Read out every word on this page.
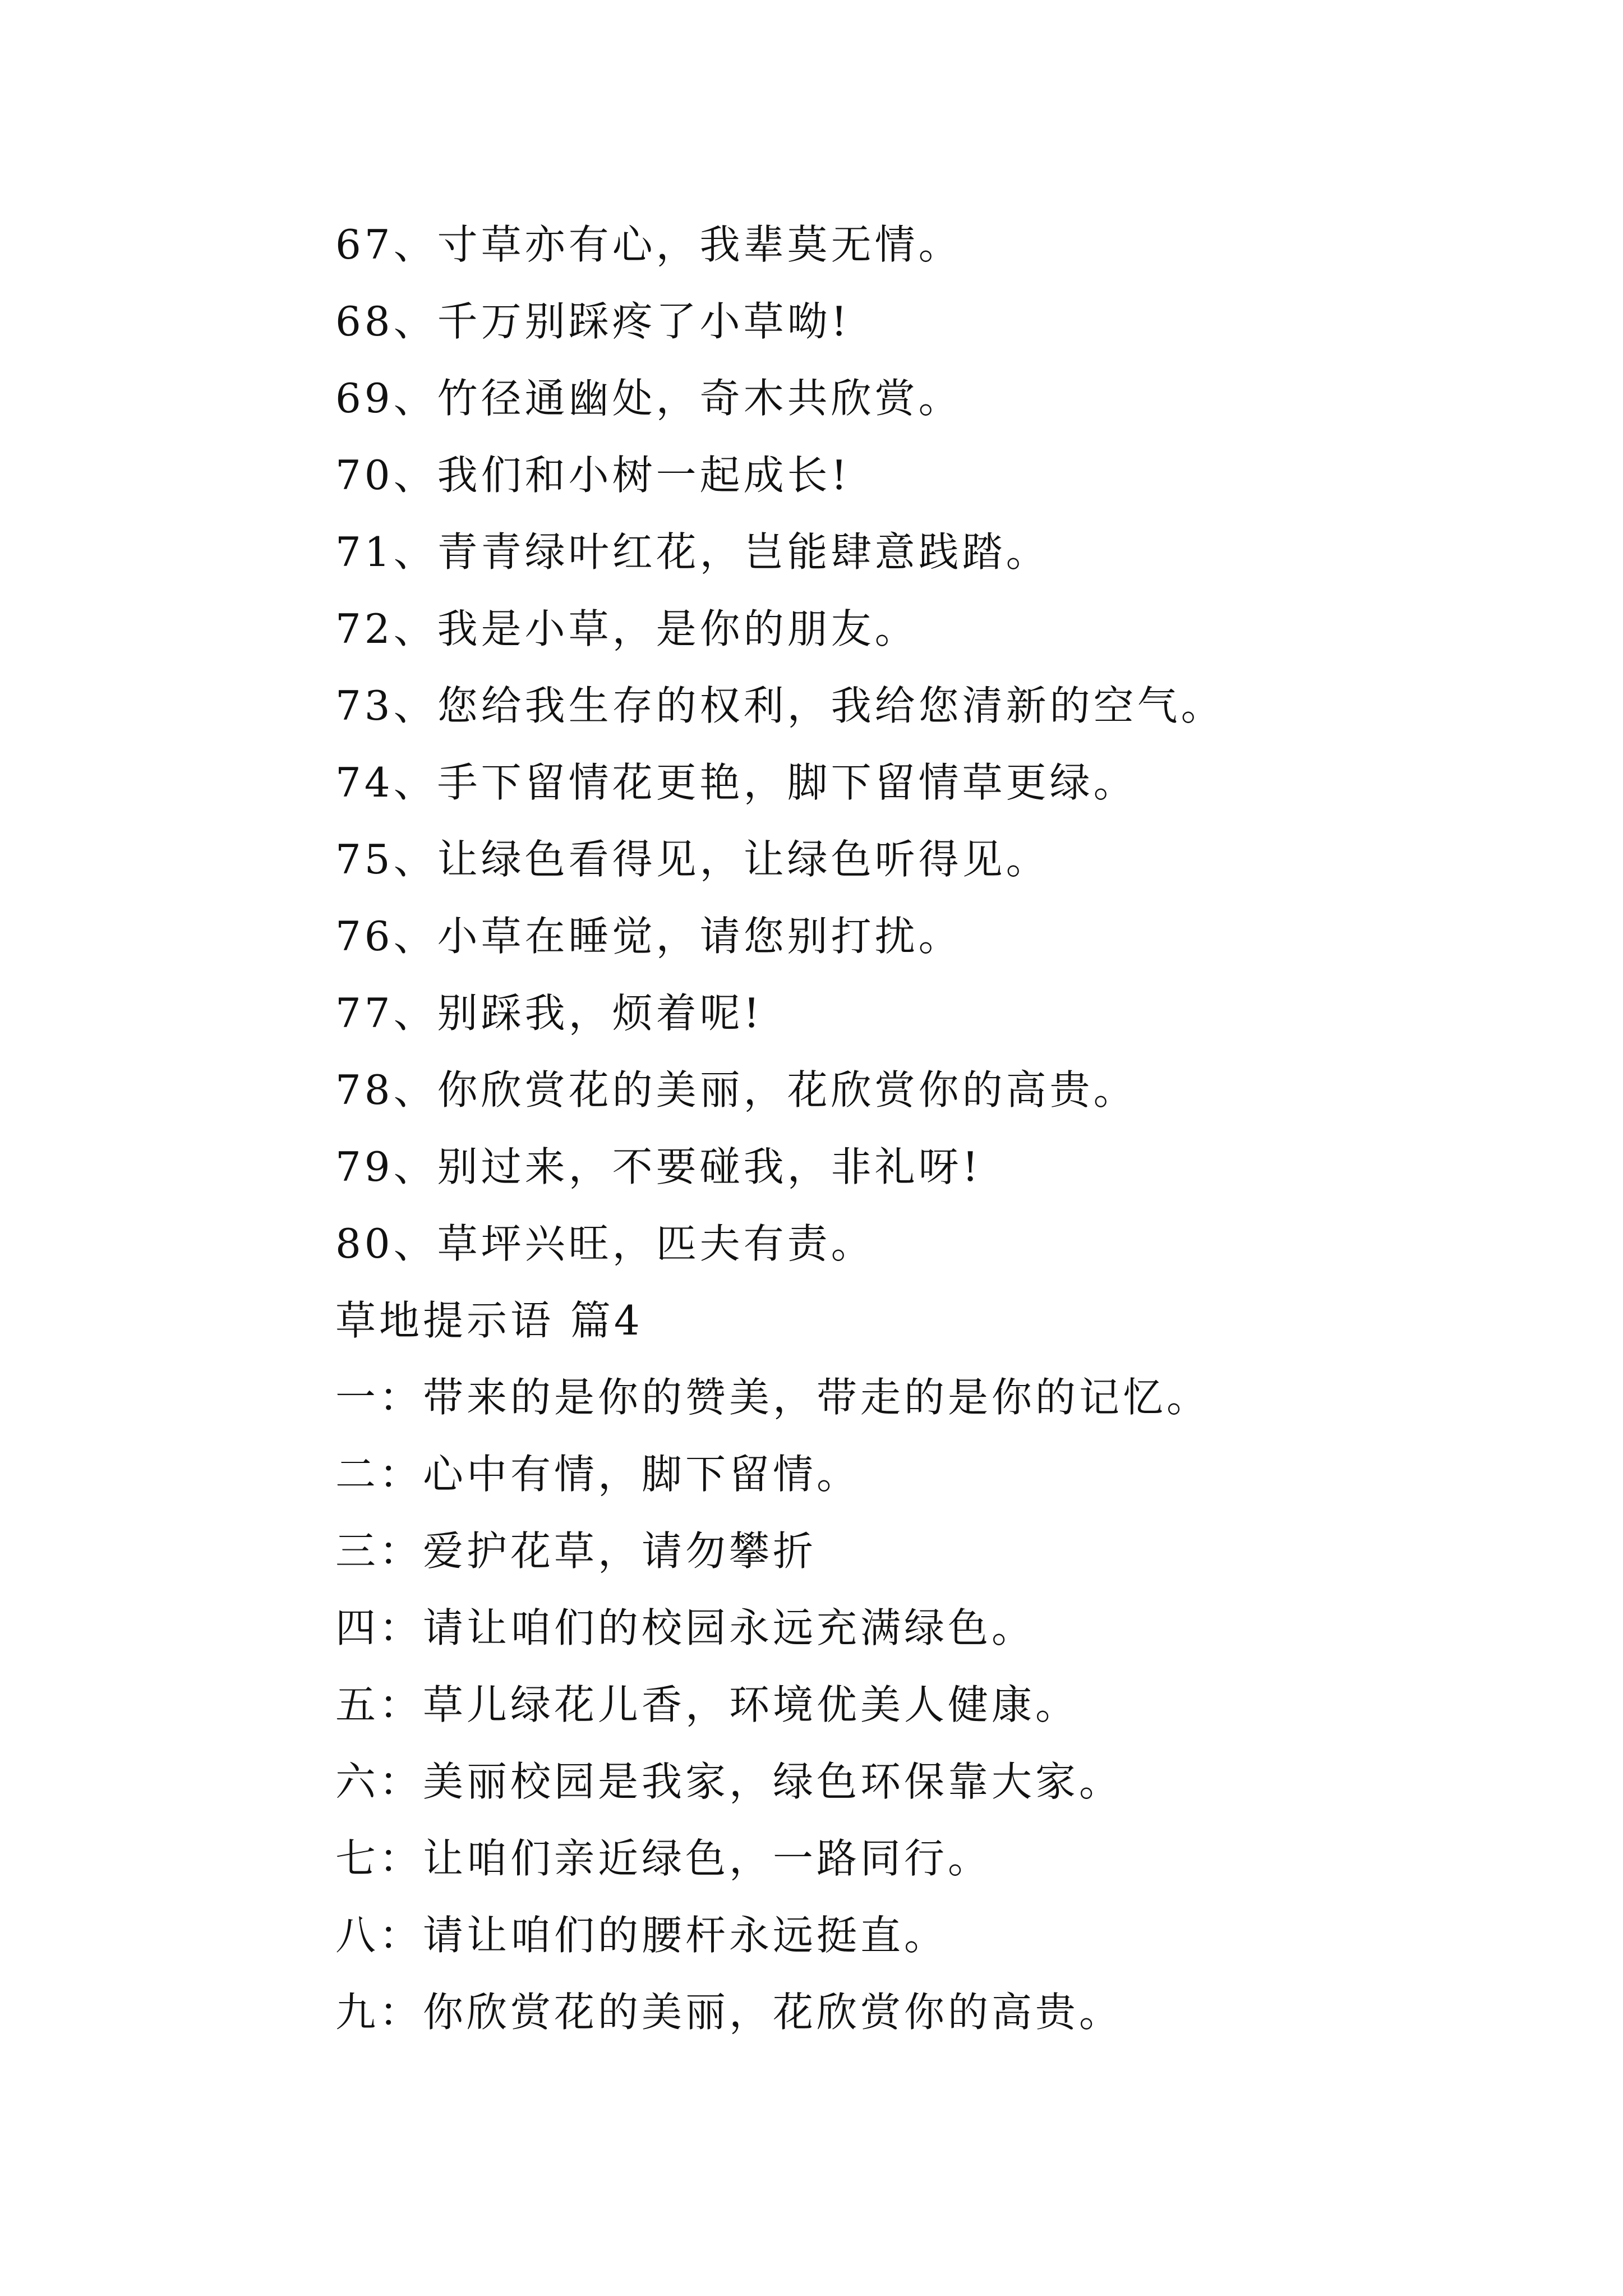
67、寸草亦有心，我辈莫无情。
68、千万别踩疼了小草呦!
69、竹径通幽处，奇木共欣赏。
70、我们和小树一起成长!
71、青青绿叶红花，岂能肆意践踏。
72、我是小草，是你的朋友。
73、您给我生存的权利，我给您清新的空气。
74、手下留情花更艳，脚下留情草更绿。
75、让绿色看得见，让绿色听得见。
76、小草在睡觉，请您别打扰。
77、别踩我，烦着呢!
78、你欣赏花的美丽，花欣赏你的高贵。
79、别过来，不要碰我，非礼呀!
80、草坪兴旺，匹夫有责。
草地提示语 篇4
一：带来的是你的赞美，带走的是你的记忆。
二：心中有情，脚下留情。
三：爱护花草，请勿攀折
四：请让咱们的校园永远充满绿色。
五：草儿绿花儿香，环境优美人健康。
六：美丽校园是我家，绿色环保靠大家。
七：让咱们亲近绿色，一路同行。
八：请让咱们的腰杆永远挺直。
九：你欣赏花的美丽，花欣赏你的高贵。
